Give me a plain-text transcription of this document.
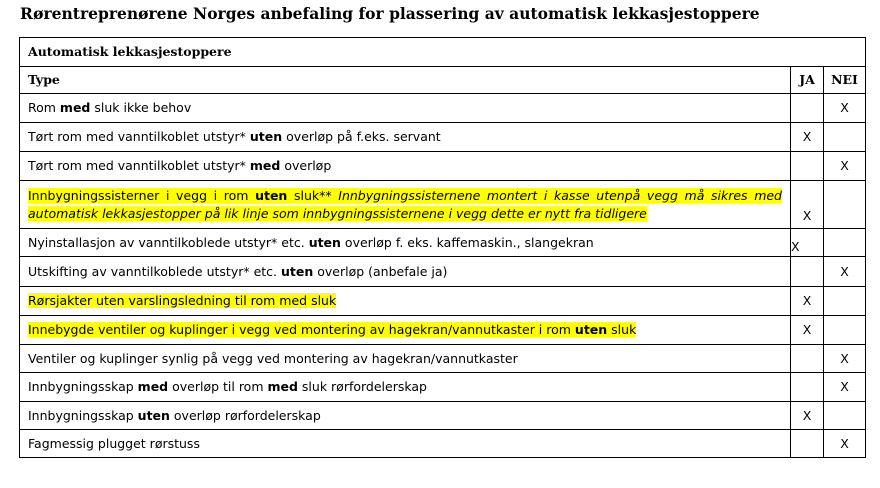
Rørentreprenørene Norges anbefaling for plassering av automatisk lekkasjestoppere
Automatisk lekkasjestoppere		
Type	JA	NEI
Rom med sluk ikke behov		X
Tørt rom med vanntilkoblet utstyr* uten overløp på f.eks. servant	X	
Tørt rom med vanntilkoblet utstyr* med overløp		X
Innbygningssisterner i vegg i rom uten sluk** Innbygningssisternene montert i kasse utenpå vegg må sikres med automatisk lekkasjestopper på lik linje som innbygningssisternene i vegg dette er nytt fra tidligere	X	
Nyinstallasjon av vanntilkoblede utstyr* etc. uten overløp f. eks. kaffemaskin., slangekran	X	
Utskifting av vanntilkoblede utstyr* etc. uten overløp (anbefale ja)		X
Rørsjakter uten varslingsledning til rom med sluk	X	
Innebygde ventiler og kuplinger i vegg ved montering av hagekran/vannutkaster i rom uten sluk	X	
Ventiler og kuplinger synlig på vegg ved montering av hagekran/vannutkaster		X
Innbygningsskap med overløp til rom med sluk rørfordelerskap		X
Innbygningsskap uten overløp rørfordelerskap	X	
Fagmessig plugget rørstuss		X
